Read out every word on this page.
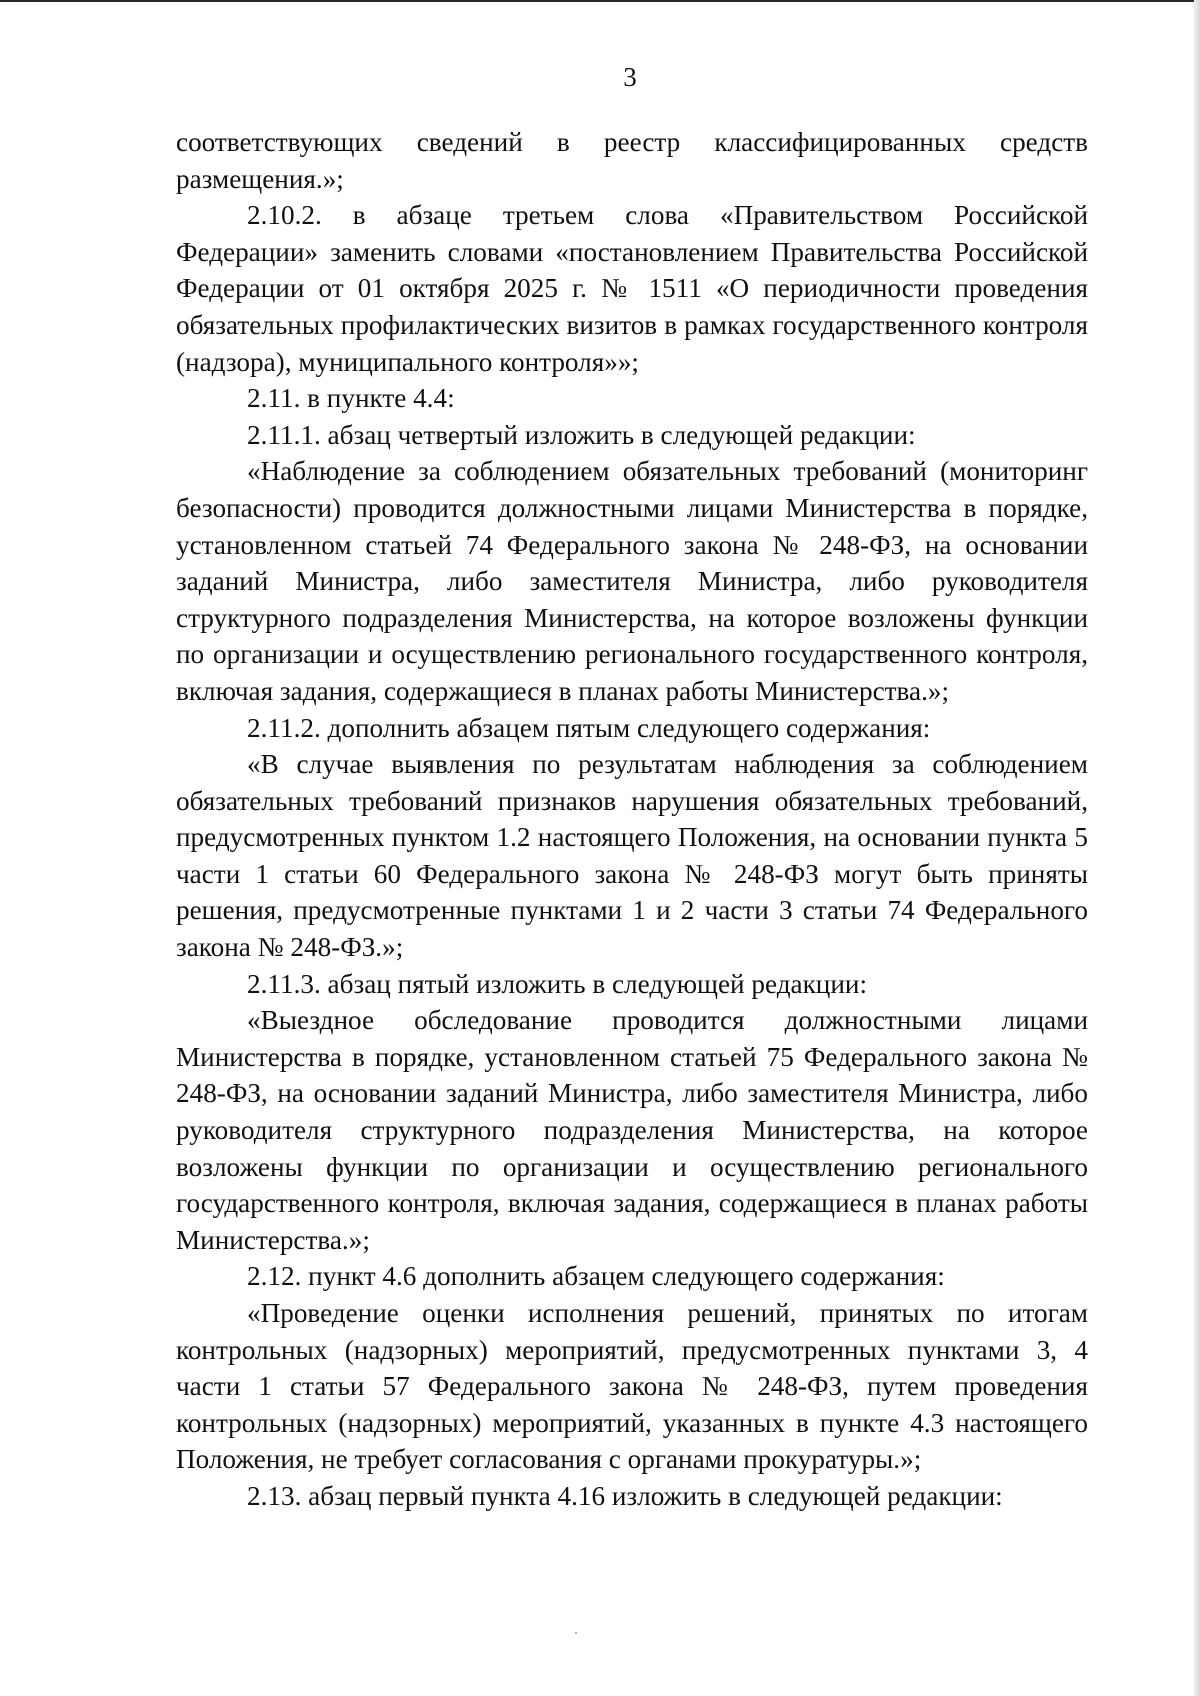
3

соответствующих сведений в реестр классифицированных средств размещения.»;

2.10.2. в абзаце третьем слова «Правительством Российской Федерации» заменить словами «постановлением Правительства Российской Федерации от 01 октября 2025 г. № 1511 «О периодичности проведения обязательных профилактических визитов в рамках государственного контроля (надзора), муниципального контроля»»;

2.11. в пункте 4.4:

2.11.1. абзац четвертый изложить в следующей редакции:

«Наблюдение за соблюдением обязательных требований (мониторинг безопасности) проводится должностными лицами Министерства в порядке, установленном статьей 74 Федерального закона № 248-ФЗ, на основании заданий Министра, либо заместителя Министра, либо руководителя структурного подразделения Министерства, на которое возложены функции по организации и осуществлению регионального государственного контроля, включая задания, содержащиеся в планах работы Министерства.»;

2.11.2. дополнить абзацем пятым следующего содержания:

«В случае выявления по результатам наблюдения за соблюдением обязательных требований признаков нарушения обязательных требований, предусмотренных пунктом 1.2 настоящего Положения, на основании пункта 5 части 1 статьи 60 Федерального закона № 248-ФЗ могут быть приняты решения, предусмотренные пунктами 1 и 2 части 3 статьи 74 Федерального закона № 248-ФЗ.»;

2.11.3. абзац пятый изложить в следующей редакции:

«Выездное обследование проводится должностными лицами Министерства в порядке, установленном статьей 75 Федерального закона № 248-ФЗ, на основании заданий Министра, либо заместителя Министра, либо руководителя структурного подразделения Министерства, на которое возложены функции по организации и осуществлению регионального государственного контроля, включая задания, содержащиеся в планах работы Министерства.»;

2.12. пункт 4.6 дополнить абзацем следующего содержания:

«Проведение оценки исполнения решений, принятых по итогам контрольных (надзорных) мероприятий, предусмотренных пунктами 3, 4 части 1 статьи 57 Федерального закона № 248-ФЗ, путем проведения контрольных (надзорных) мероприятий, указанных в пункте 4.3 настоящего Положения, не требует согласования с органами прокуратуры.»;

2.13. абзац первый пункта 4.16 изложить в следующей редакции:
